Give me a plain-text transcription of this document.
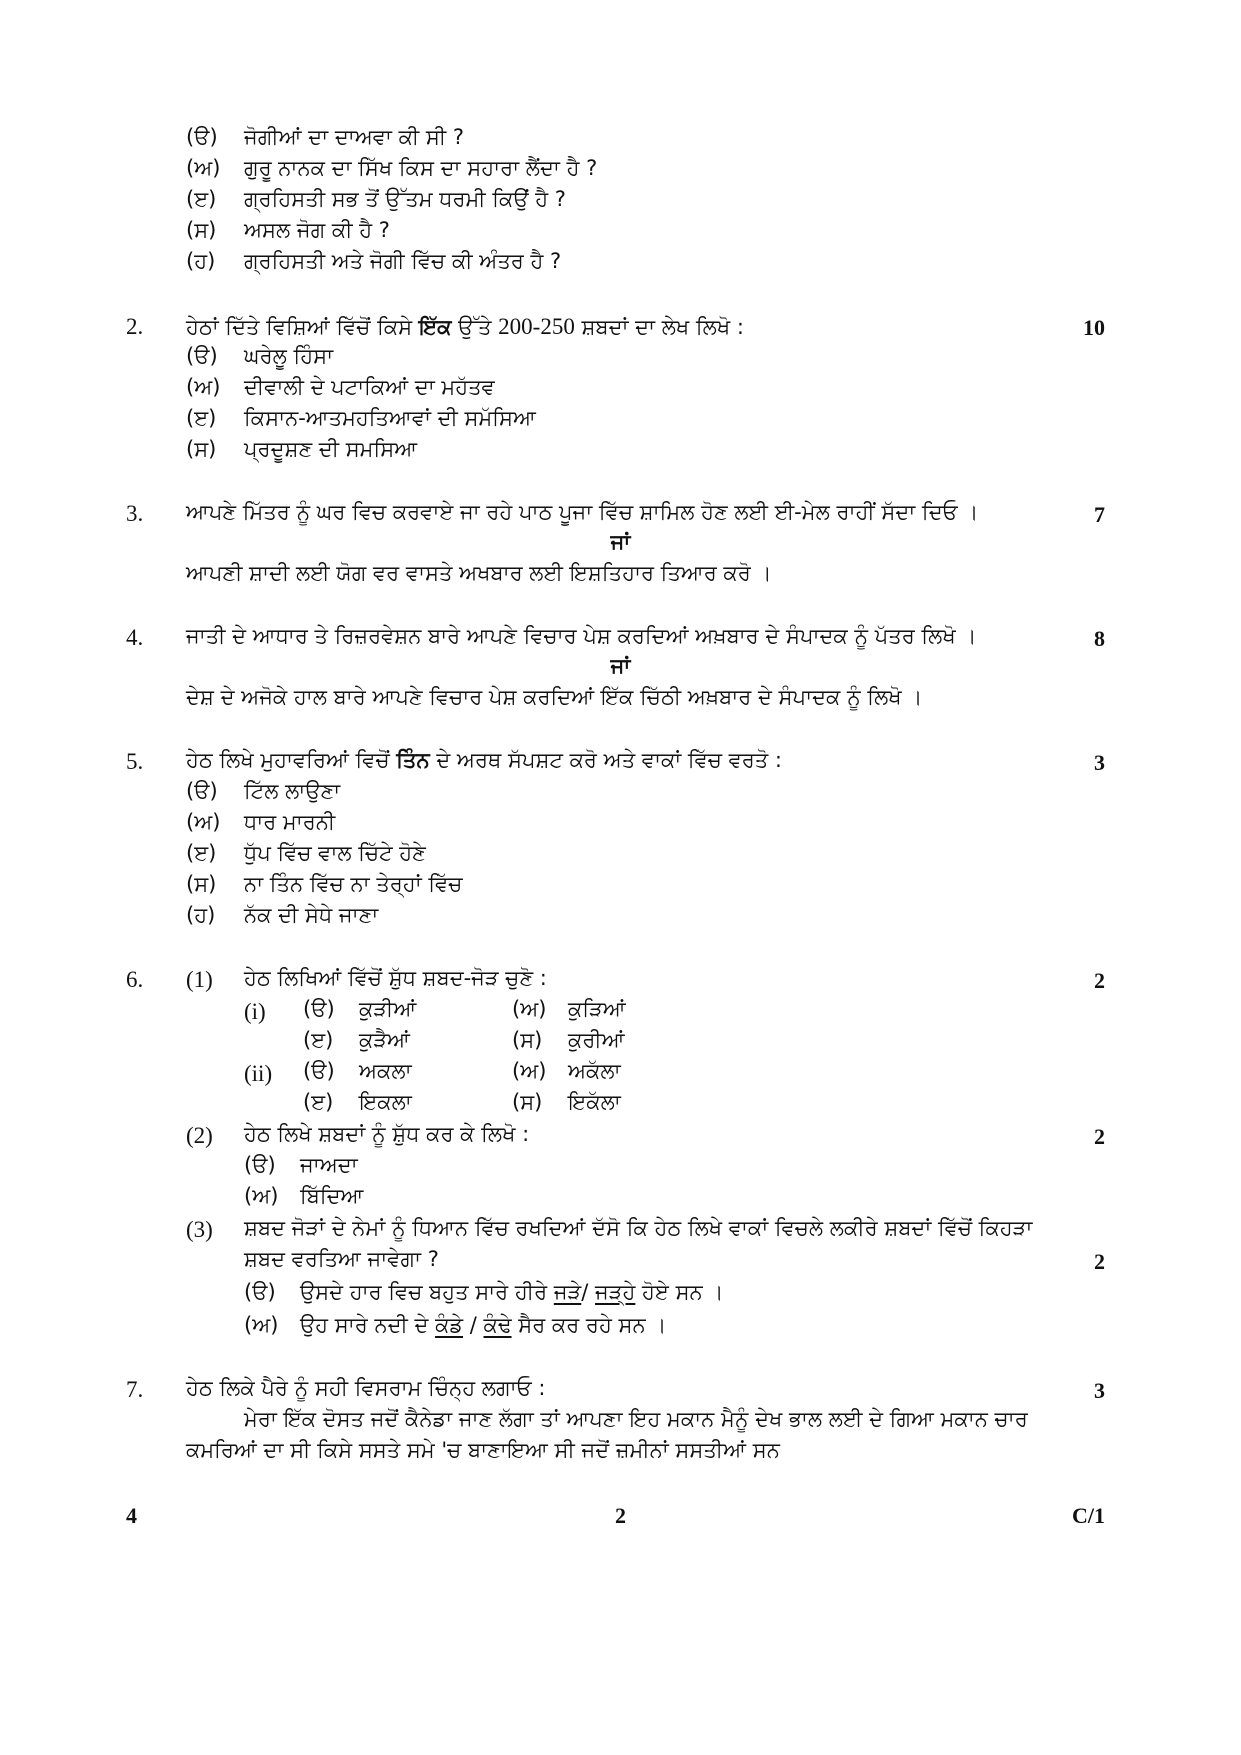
(ੳ) ਜੋਗੀਆਂ ਦਾ ਦਾਅਵਾ ਕੀ ਸੀ ?
(ਅ) ਗੁਰੂ ਨਾਨਕ ਦਾ ਸਿੱਖ ਕਿਸ ਦਾ ਸਹਾਰਾ ਲੈਂਦਾ ਹੈ ?
(ੲ) ਗ੍ਰਹਿਸਤੀ ਸਭ ਤੋਂ ਉੱਤਮ ਧਰਮੀ ਕਿਉਂ ਹੈ ?
(ਸ) ਅਸਲ ਜੋਗ ਕੀ ਹੈ ?
(ਹ) ਗ੍ਰਹਿਸਤੀ ਅਤੇ ਜੋਗੀ ਵਿੱਚ ਕੀ ਅੰਤਰ ਹੈ ?
2. ਹੇਠਾਂ ਦਿੱਤੇ ਵਿਸ਼ਿਆਂ ਵਿੱਚੋਂ ਕਿਸੇ ਇੱਕ ਉੱਤੇ 200-250 ਸ਼ਬਦਾਂ ਦਾ ਲੇਖ ਲਿਖੋ :	10
(ੳ) ਘਰੇਲੂ ਹਿੰਸਾ
(ਅ) ਦੀਵਾਲੀ ਦੇ ਪਟਾਕਿਆਂ ਦਾ ਮਹੱਤਵ
(ੲ) ਕਿਸਾਨ-ਆਤਮਹਤਿਆਵਾਂ ਦੀ ਸਮੱਸਿਆ
(ਸ) ਪ੍ਰਦੂਸ਼ਣ ਦੀ ਸਮਸਿਆ
3. ਆਪਣੇ ਮਿੱਤਰ ਨੂੰ ਘਰ ਵਿਚ ਕਰਵਾਏ ਜਾ ਰਹੇ ਪਾਠ ਪੂਜਾ ਵਿੱਚ ਸ਼ਾਮਿਲ ਹੋਣ ਲਈ ਈ-ਮੇਲ ਰਾਹੀਂ ਸੱਦਾ ਦਿਓ ।	7
ਜਾਂ
ਆਪਣੀ ਸ਼ਾਦੀ ਲਈ ਯੋਗ ਵਰ ਵਾਸਤੇ ਅਖਬਾਰ ਲਈ ਇਸ਼ਤਿਹਾਰ ਤਿਆਰ ਕਰੋ ।
4. ਜਾਤੀ ਦੇ ਆਧਾਰ ਤੇ ਰਿਜ਼ਰਵੇਸ਼ਨ ਬਾਰੇ ਆਪਣੇ ਵਿਚਾਰ ਪੇਸ਼ ਕਰਦਿਆਂ ਅਖ਼ਬਾਰ ਦੇ ਸੰਪਾਦਕ ਨੂੰ ਪੱਤਰ ਲਿਖੋ ।	8
ਜਾਂ
ਦੇਸ਼ ਦੇ ਅਜੋਕੇ ਹਾਲ ਬਾਰੇ ਆਪਣੇ ਵਿਚਾਰ ਪੇਸ਼ ਕਰਦਿਆਂ ਇੱਕ ਚਿੱਠੀ ਅਖ਼ਬਾਰ ਦੇ ਸੰਪਾਦਕ ਨੂੰ ਲਿਖੋ ।
5. ਹੇਠ ਲਿਖੇ ਮੁਹਾਵਰਿਆਂ ਵਿਚੋਂ ਤਿੰਨ ਦੇ ਅਰਥ ਸੱਪਸ਼ਟ ਕਰੋ ਅਤੇ ਵਾਕਾਂ ਵਿੱਚ ਵਰਤੋ :	3
(ੳ) ਟਿੱਲ ਲਾਉਣਾ
(ਅ) ਧਾਰ ਮਾਰਨੀ
(ੲ) ਧੁੱਪ ਵਿੱਚ ਵਾਲ ਚਿੱਟੇ ਹੋਣੇ
(ਸ) ਨਾ ਤਿੰਨ ਵਿੱਚ ਨਾ ਤੇਰ੍ਹਾਂ ਵਿੱਚ
(ਹ) ਨੱਕ ਦੀ ਸੇਧੇ ਜਾਣਾ
6. (1) ਹੇਠ ਲਿਖਿਆਂ ਵਿੱਚੋਂ ਸ਼ੁੱਧ ਸ਼ਬਦ-ਜੋੜ ਚੁਣੋ :	2
(i) (ੳ) ਕੁੜੀਆਂ	(ਅ) ਕੁੜਿਆਂ
(ੲ) ਕੁੜੈਆਂ	(ਸ) ਕੁਰੀਆਂ
(ii) (ੳ) ਅਕਲਾ	(ਅ) ਅਕੱਲਾ
(ੲ) ਇਕਲਾ	(ਸ) ਇਕੱਲਾ
(2) ਹੇਠ ਲਿਖੇ ਸ਼ਬਦਾਂ ਨੂੰ ਸ਼ੁੱਧ ਕਰ ਕੇ ਲਿਖੋ :	2
(ੳ) ਜਾਅਦਾ
(ਅ) ਬਿੱਦਿਆ
(3) ਸ਼ਬਦ ਜੋੜਾਂ ਦੇ ਨੇਮਾਂ ਨੂੰ ਧਿਆਨ ਵਿੱਚ ਰਖਦਿਆਂ ਦੱਸੋ ਕਿ ਹੇਠ ਲਿਖੇ ਵਾਕਾਂ ਵਿਚਲੇ ਲਕੀਰੇ ਸ਼ਬਦਾਂ ਵਿੱਚੋਂ ਕਿਹੜਾ
ਸ਼ਬਦ ਵਰਤਿਆ ਜਾਵੇਗਾ ?	2
(ੳ) ਉਸਦੇ ਹਾਰ ਵਿਚ ਬਹੁਤ ਸਾਰੇ ਹੀਰੇ ਜੜੇ/ ਜੜ੍ਹੇ ਹੋਏ ਸਨ ।
(ਅ) ਉਹ ਸਾਰੇ ਨਦੀ ਦੇ ਕੰਡੇ / ਕੰਢੇ ਸੈਰ ਕਰ ਰਹੇ ਸਨ ।
7. ਹੇਠ ਲਿਕੇ ਪੈਰੇ ਨੂੰ ਸਹੀ ਵਿਸਰਾਮ ਚਿੰਨ੍ਹ ਲਗਾਓ :	3
ਮੇਰਾ ਇੱਕ ਦੋਸਤ ਜਦੋਂ ਕੈਨੇਡਾ ਜਾਣ ਲੱਗਾ ਤਾਂ ਆਪਣਾ ਇਹ ਮਕਾਨ ਮੈਨੂੰ ਦੇਖ ਭਾਲ ਲਈ ਦੇ ਗਿਆ ਮਕਾਨ ਚਾਰ
ਕਮਰਿਆਂ ਦਾ ਸੀ ਕਿਸੇ ਸਸਤੇ ਸਮੇ 'ਚ ਬਾਣਾਇਆ ਸੀ ਜਦੋਂ ਜ਼ਮੀਨਾਂ ਸਸਤੀਆਂ ਸਨ
4	2	C/1
